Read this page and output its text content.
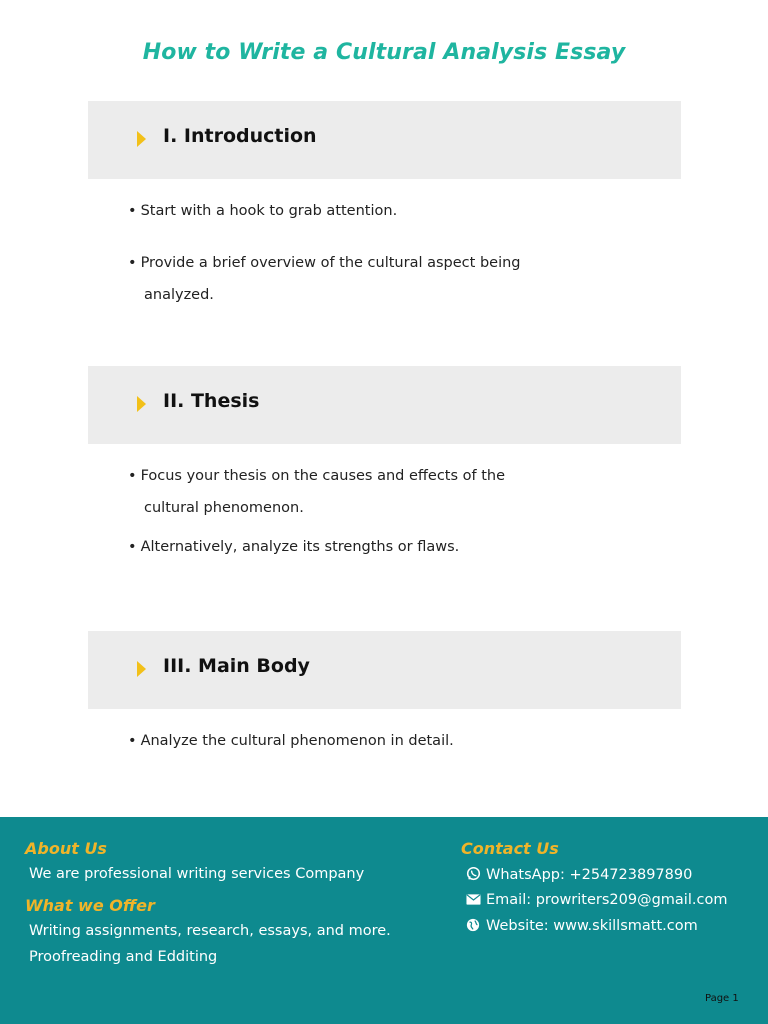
How to Write a Cultural Analysis Essay
I. Introduction
• Start with a hook to grab attention.
• Provide a brief overview of the cultural aspect being
analyzed.
II. Thesis
• Focus your thesis on the causes and effects of the
cultural phenomenon.
• Alternatively, analyze its strengths or flaws.
III. Main Body
• Analyze the cultural phenomenon in detail.
About Us
We are professional writing services Company
What we Offer
Writing assignments, research, essays, and more.
Proofreading and Edditing
Contact Us
WhatsApp: +254723897890
Email: prowriters209@gmail.com
Website: www.skillsmatt.com
Page 1
